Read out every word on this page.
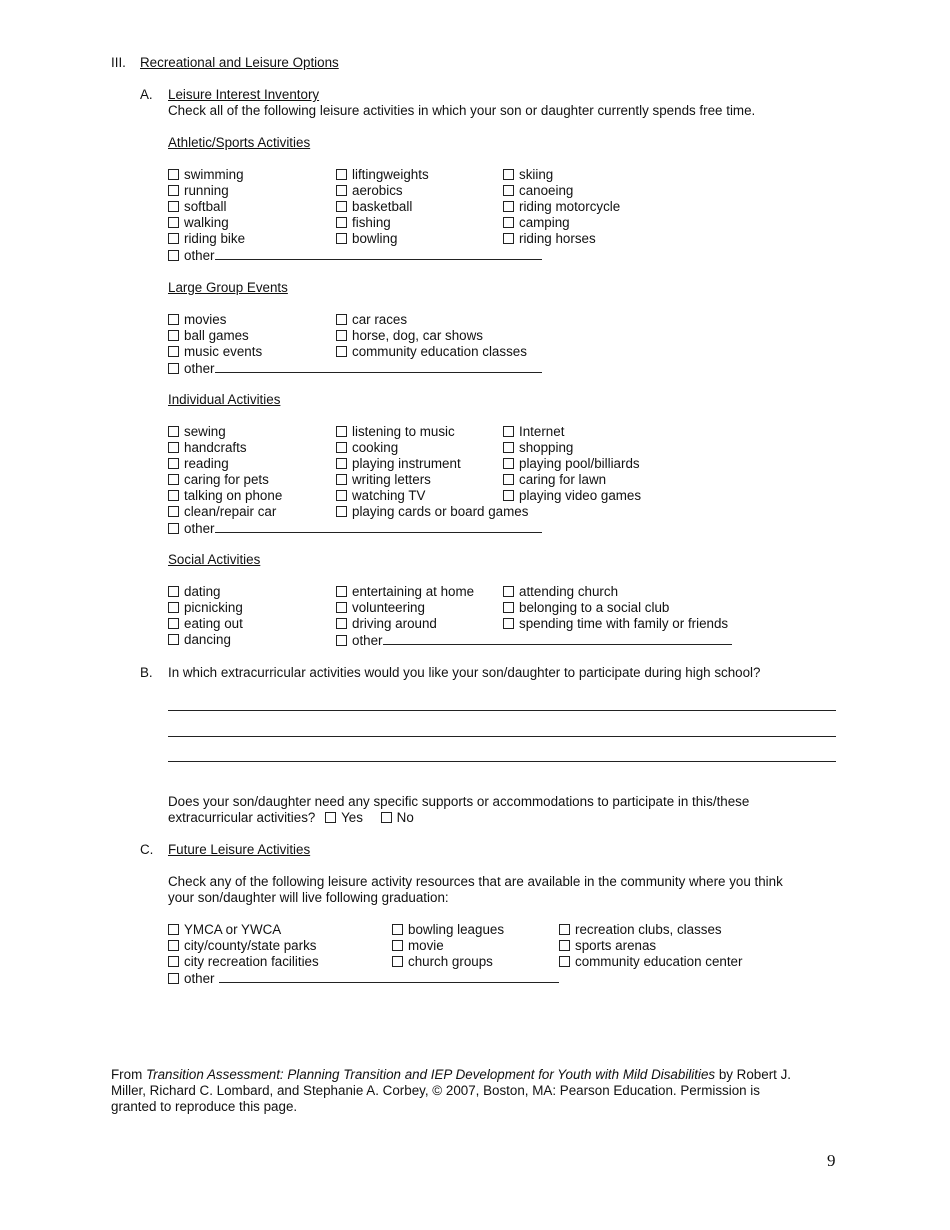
III. Recreational and Leisure Options
A. Leisure Interest Inventory
Check all of the following leisure activities in which your son or daughter currently spends free time.
Athletic/Sports Activities
swimming
running
softball
walking
riding bike
liftingweights
aerobics
basketball
fishing
bowling
skiing
canoeing
riding motorcycle
camping
riding horses
other
Large Group Events
movies
ball games
music events
car races
horse, dog, car shows
community education classes
other
Individual Activities
sewing
handcrafts
reading
caring for pets
talking on phone
clean/repair car
listening to music
cooking
playing instrument
writing letters
watching TV
playing cards or board games
Internet
shopping
playing pool/billiards
caring for lawn
playing video games
other
Social Activities
dating
picnicking
eating out
dancing
attending church
belonging to a social club
spending time with family or friends
entertaining at home
volunteering
driving around
other
B. In which extracurricular activities would you like your son/daughter to participate during high school?
Does your son/daughter need any specific supports or accommodations to participate in this/these
extracurricular activities? Yes	No
C. Future Leisure Activities
Check any of the following leisure activity resources that are available in the community where you think
your son/daughter will live following graduation:
YMCA or YWCA
city/county/state parks
city recreation facilities
bowling leagues
movie
church groups
recreation clubs, classes
sports arenas
community education center
other
From Transition Assessment: Planning Transition and IEP Development for Youth with Mild Disabilities by Robert J.
Miller, Richard C. Lombard, and Stephanie A. Corbey, © 2007, Boston, MA: Pearson Education. Permission is
granted to reproduce this page.
9
